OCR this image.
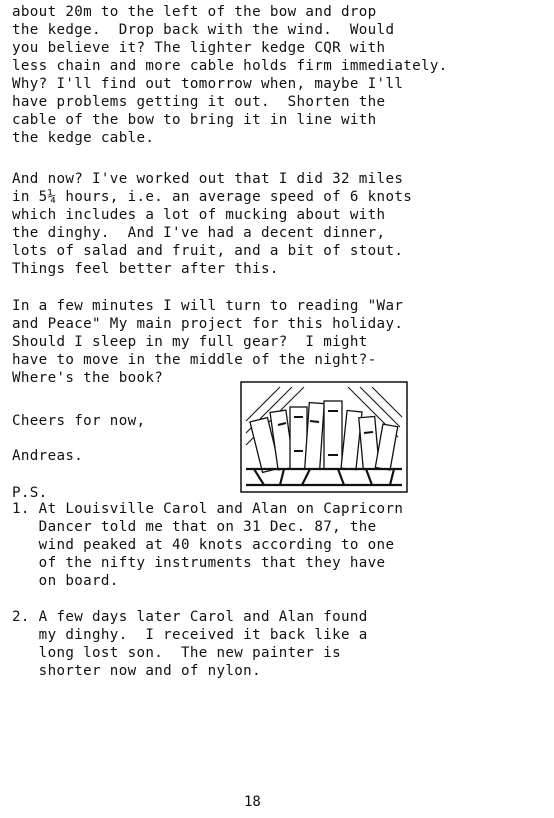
about 20m to the left of the bow and drop
the kedge.  Drop back with the wind.  Would
you believe it? The lighter kedge CQR with
less chain and more cable holds firm immediately.
Why? I'll find out tomorrow when, maybe I'll
have problems getting it out.  Shorten the
cable of the bow to bring it in line with
the kedge cable.
And now? I've worked out that I did 32 miles
in 5¼ hours, i.e. an average speed of 6 knots
which includes a lot of mucking about with
the dinghy.  And I've had a decent dinner,
lots of salad and fruit, and a bit of stout.
Things feel better after this.
In a few minutes I will turn to reading "War
and Peace" My main project for this holiday.
Should I sleep in my full gear?  I might
have to move in the middle of the night?-
Where's the book?
Cheers for now,
Andreas.
P.S.
1. At Louisville Carol and Alan on Capricorn
Dancer told me that on 31 Dec. 87, the
wind peaked at 40 knots according to one
of the nifty instruments that they have
on board.
2. A few days later Carol and Alan found
my dinghy.  I received it back like a
long lost son.  The new painter is
shorter now and of nylon.
18
